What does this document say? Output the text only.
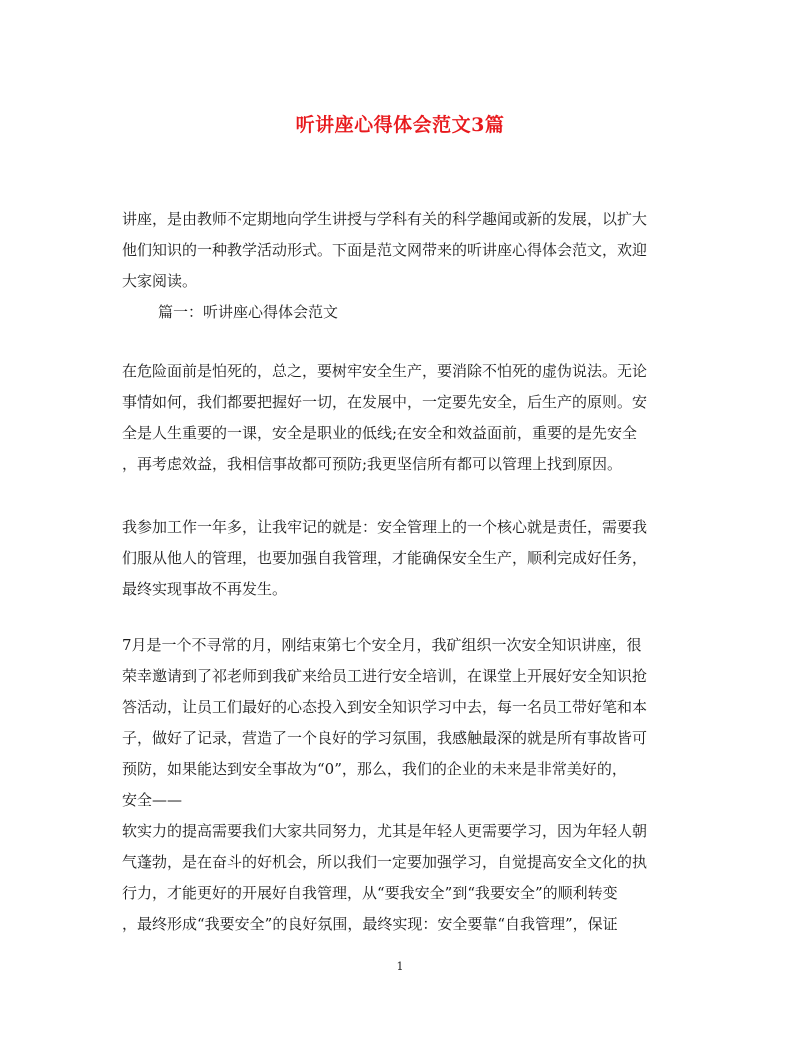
听讲座心得体会范文3篇
讲座，是由教师不定期地向学生讲授与学科有关的科学趣闻或新的发展，以扩大
他们知识的一种教学活动形式。下面是范文网带来的听讲座心得体会范文，欢迎
大家阅读。
篇一：听讲座心得体会范文
在危险面前是怕死的，总之，要树牢安全生产，要消除不怕死的虚伪说法。无论
事情如何，我们都要把握好一切，在发展中，一定要先安全，后生产的原则。安
全是人生重要的一课，安全是职业的低线;在安全和效益面前，重要的是先安全
，再考虑效益，我相信事故都可预防;我更坚信所有都可以管理上找到原因。
我参加工作一年多，让我牢记的就是：安全管理上的一个核心就是责任，需要我
们服从他人的管理，也要加强自我管理，才能确保安全生产，顺利完成好任务，
最终实现事故不再发生。
7月是一个不寻常的月，刚结束第七个安全月，我矿组织一次安全知识讲座，很
荣幸邀请到了祁老师到我矿来给员工进行安全培训，在课堂上开展好安全知识抢
答活动，让员工们最好的心态投入到安全知识学习中去，每一名员工带好笔和本
子，做好了记录，营造了一个良好的学习氛围，我感触最深的就是所有事故皆可
预防，如果能达到安全事故为“0”，那么，我们的企业的未来是非常美好的，
安全——
软实力的提高需要我们大家共同努力，尤其是年轻人更需要学习，因为年轻人朝
气蓬勃，是在奋斗的好机会，所以我们一定要加强学习，自觉提高安全文化的执
行力，才能更好的开展好自我管理，从“要我安全”到“我要安全”的顺利转变
，最终形成“我要安全”的良好氛围，最终实现：安全要靠“自我管理”，保证
1
